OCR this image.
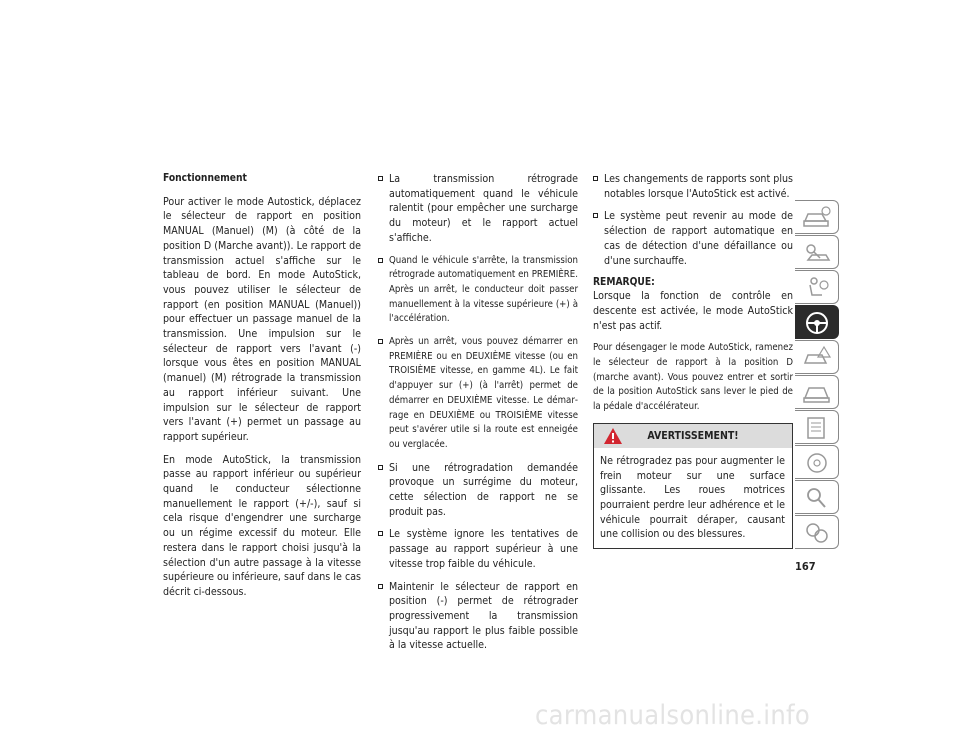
Fonctionnement

Pour activer le mode Autostick, déplacez le sélecteur de rapport en position MANUAL (Manuel) (M) (à côté de la position D (Marche avant)). Le rapport de transmission actuel s'affiche sur le tableau de bord. En mode AutoStick, vous pouvez utiliser le sélecteur de rapport (en position MANUAL (Manuel)) pour effectuer un passage manuel de la transmission. Une impulsion sur le sélecteur de rapport vers l'avant (-) lorsque vous êtes en position MANUAL (manuel) (M) rétrograde la transmission au rapport inférieur suivant. Une impulsion sur le sélecteur de rapport vers l'avant (+) permet un passage au rapport supérieur.

En mode AutoStick, la transmission passe au rapport inférieur ou supérieur quand le conducteur sélectionne manuellement le rapport (+/-), sauf si cela risque d'engendrer une surcharge ou un régime excessif du moteur. Elle restera dans le rapport choisi jusqu'à la sélection d'un autre passage à la vitesse supérieure ou inférieure, sauf dans le cas décrit ci-dessous.

La transmission rétrograde automatiquement quand le véhicule ralentit (pour empêcher une surcharge du moteur) et le rapport actuel s'affiche.
Quand le véhicule s'arrête, la transmission rétrograde automatiquement en PREMIÈRE. Après un arrêt, le conducteur doit passer manuellement à la vitesse supérieure (+) à l'accélération.
Après un arrêt, vous pouvez démarrer en PREMIÈRE ou en DEUXIÈME vitesse (ou en TROISIÈME vitesse, en gamme 4L). Le fait d'appuyer sur (+) (à l'arrêt) permet de démarrer en DEUXIÈME vitesse. Le démarrage en DEUXIÈME ou TROISIÈME vitesse peut s'avérer utile si la route est enneigée ou verglacée.
Si une rétrogradation demandée provoque un surrégime du moteur, cette sélection de rapport ne se produit pas.
Le système ignore les tentatives de passage au rapport supérieur à une vitesse trop faible du véhicule.
Maintenir le sélecteur de rapport en position (-) permet de rétrograder progressivement la transmission jusqu'au rapport le plus faible possible à la vitesse actuelle.
Les changements de rapports sont plus notables lorsque l'AutoStick est activé.
Le système peut revenir au mode de sélection de rapport automatique en cas de détection d'une défaillance ou d'une surchauffe.
REMARQUE:

Lorsque la fonction de contrôle en descente est activée, le mode AutoStick n'est pas actif.

Pour désengager le mode AutoStick, ramenez le sélecteur de rapport à la position D (marche avant). Vous pouvez entrer et sortir de la position AutoStick sans lever le pied de la pédale d'accélérateur.

AVERTISSEMENT!
Ne rétrogradez pas pour augmenter le frein moteur sur une surface glissante. Les roues motrices pourraient perdre leur adhérence et le véhicule pourrait déraper, causant une collision ou des blessures.
167
carmanualsonline.info
